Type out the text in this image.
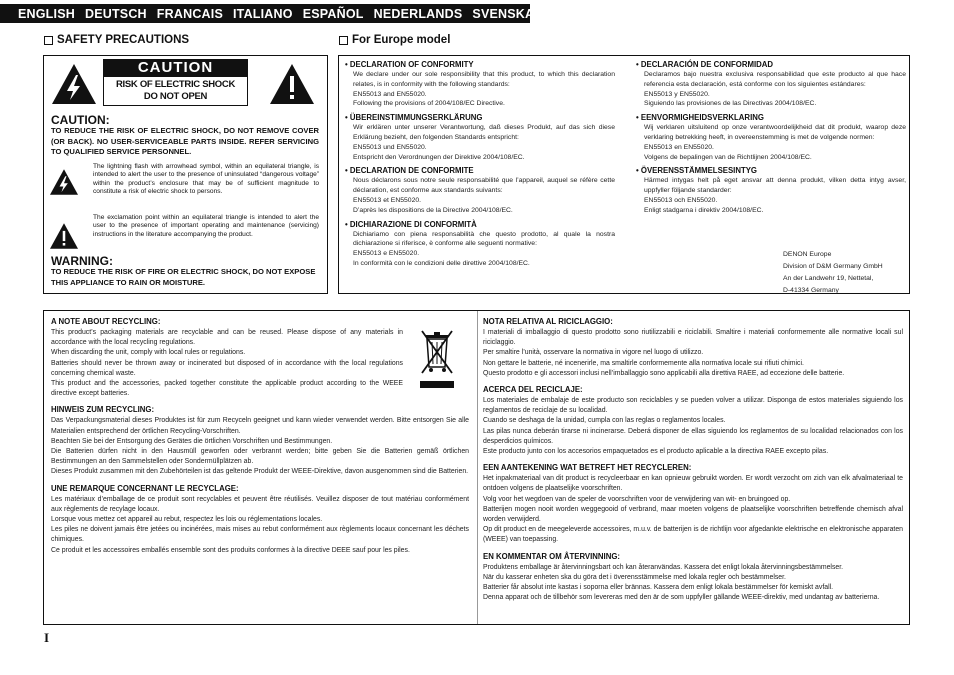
ENGLISH DEUTSCH FRANCAIS ITALIANO ESPAÑOL NEDERLANDS SVENSKA
SAFETY PRECAUTIONS	For Europe model
CAUTION
RISK OF ELECTRIC SHOCK
DO NOT OPEN
CAUTION:
TO REDUCE THE RISK OF ELECTRIC SHOCK, DO NOT REMOVE COVER (OR BACK). NO USER-SERVICEABLE PARTS INSIDE. REFER SERVICING TO QUALIFIED SERVICE PERSONNEL.
The lightning flash with arrowhead symbol, within an equilateral triangle, is intended to alert the user to the presence of uninsulated “dangerous voltage” within the product’s enclosure that may be of sufficient magnitude to constitute a risk of electric shock to persons.
The exclamation point within an equilateral triangle is intended to alert the user to the presence of important operating and maintenance (servicing) instructions in the literature accompanying the product.
WARNING:
TO REDUCE THE RISK OF FIRE OR ELECTRIC SHOCK, DO NOT EXPOSE THIS APPLIANCE TO RAIN OR MOISTURE.
• DECLARATION OF CONFORMITY
We declare under our sole responsibility that this product, to which this declaration relates, is in conformity with the following standards:
EN55013 and EN55020.
Following the provisions of 2004/108/EC Directive.
• ÜBEREINSTIMMUNGSERKLÄRUNG
Wir erklären unter unserer Verantwortung, daß dieses Produkt, auf das sich diese Erklärung bezieht, den folgenden Standards entspricht:
EN55013 und EN55020.
Entspricht den Verordnungen der Direktive 2004/108/EC.
• DECLARATION DE CONFORMITE
Nous déclarons sous notre seule responsabilité que l’appareil, auquel se réfère cette déclaration, est conforme aux standards suivants:
EN55013 et EN55020.
D’après les dispositions de la Directive 2004/108/EC.
• DICHIARAZIONE DI CONFORMITÀ
Dichiariamo con piena responsabilità che questo prodotto, al quale la nostra dichiarazione si riferisce, è conforme alle seguenti normative:
EN55013 e EN55020.
In conformità con le condizioni delle direttive 2004/108/EC.
• DECLARACIÓN DE CONFORMIDAD
Declaramos bajo nuestra exclusiva responsabilidad que este producto al que hace referencia esta declaración, está conforme con los siguientes estándares:
EN55013 y EN55020.
Siguiendo las provisiones de las Directivas 2004/108/EC.
• EENVORMIGHEIDSVERKLARING
Wij verklaren uitsluitend op onze verantwoordelijkheid dat dit produkt, waarop deze verklaring betrekking heeft, in overeenstemming is met de volgende normen:
EN55013 en EN55020.
Volgens de bepalingen van de Richtlijnen 2004/108/EC.
• ÖVERENSSTÄMMELSESINTYG
Härmed intygas helt på eget ansvar att denna produkt, vilken detta intyg avser, uppfyller följande standarder:
EN55013 och EN55020.
Enligt stadgarna i direktiv 2004/108/EC.
DENON Europe
Division of D&M Germany GmbH
An der Landwehr 19, Nettetal,
D-41334 Germany
A NOTE ABOUT RECYCLING:
This product’s packaging materials are recyclable and can be reused. Please dispose of any materials in accordance with the local recycling regulations.
When discarding the unit, comply with local rules or regulations.
Batteries should never be thrown away or incinerated but disposed of in accordance with the local regulations concerning chemical waste.
This product and the accessories, packed together constitute the applicable product according to the WEEE directive except batteries.
HINWEIS ZUM RECYCLING:
Das Verpackungsmaterial dieses Produktes ist für zum Recyceln geeignet und kann wieder verwendet werden. Bitte entsorgen Sie alle Materialien entsprechend der örtlichen Recycling-Vorschriften.
Beachten Sie bei der Entsorgung des Gerätes die örtlichen Vorschriften und Bestimmungen.
Die Batterien dürfen nicht in den Hausmüll geworfen oder verbrannt werden; bitte geben Sie die Batterien gemäß örtlichen Bestimmungen an den Sammelstellen oder Sondermüllplätzen ab.
Dieses Produkt zusammen mit den Zubehörteilen ist das geltende Produkt der WEEE-Direktive, davon ausgenommen sind die Batterien.
UNE REMARQUE CONCERNANT LE RECYCLAGE:
Les matériaux d’emballage de ce produit sont recyclables et peuvent être réutilisés. Veuillez disposer de tout matériau conformément aux règlements de recylage locaux.
Lorsque vous mettez cet appareil au rebut, respectez les lois ou réglementations locales.
Les piles ne doivent jamais être jetées ou incinérées, mais mises au rebut conformément aux règlements locaux concernant les déchets chimiques.
Ce produit et les accessoires emballés ensemble sont des produits conformes à la directive DEEE sauf pour les piles.
NOTA RELATIVA AL RICICLAGGIO:
I materiali di imballaggio di questo prodotto sono riutilizzabili e riciclabili. Smaltire i materiali conformemente alle normative locali sul riciclaggio.
Per smaltire l’unità, osservare la normativa in vigore nel luogo di utilizzo.
Non gettare le batterie, né incenerirle, ma smaltirle conformemente alla normativa locale sui rifiuti chimici.
Questo prodotto e gli accessori inclusi nell’imballaggio sono applicabili alla direttiva RAEE, ad eccezione delle batterie.
ACERCA DEL RECICLAJE:
Los materiales de embalaje de este producto son reciclables y se pueden volver a utilizar. Disponga de estos materiales siguiendo los reglamentos de reciclaje de su localidad.
Cuando se deshaga de la unidad, cumpla con las reglas o reglamentos locales.
Las pilas nunca deberán tirarse ni incinerarse. Deberá disponer de ellas siguiendo los reglamentos de su localidad relacionados con los desperdicios químicos.
Este producto junto con los accesorios empaquetados es el producto aplicable a la directiva RAEE excepto pilas.
EEN AANTEKENING WAT BETREFT HET RECYCLEREN:
Het inpakmateriaal van dit product is recycleerbaar en kan opnieuw gebruikt worden. Er wordt verzocht om zich van elk afvalmateriaal te ontdoen volgens de plaatselijke voorschriften.
Volg voor het wegdoen van de speler de voorschriften voor de verwijdering van wit- en bruingoed op.
Batterijen mogen nooit worden weggegooid of verbrand, maar moeten volgens de plaatselijke voorschriften betreffende chemisch afval worden verwijderd.
Op dit product en de meegeleverde accessoires, m.u.v. de batterijen is de richtlijn voor afgedankte elektrische en elektronische apparaten (WEEE) van toepassing.
EN KOMMENTAR OM ÅTERVINNING:
Produktens emballage är återvinningsbart och kan återanvändas. Kassera det enligt lokala återvinningsbestämmelser.
När du kasserar enheten ska du göra det i överensstämmelse med lokala regler och bestämmelser.
Batterier får absolut inte kastas i soporna eller brännas. Kassera dem enligt lokala bestämmelser för kemiskt avfall.
Denna apparat och de tillbehör som levereras med den är de som uppfyller gällande WEEE-direktiv, med undantag av batterierna.
I
